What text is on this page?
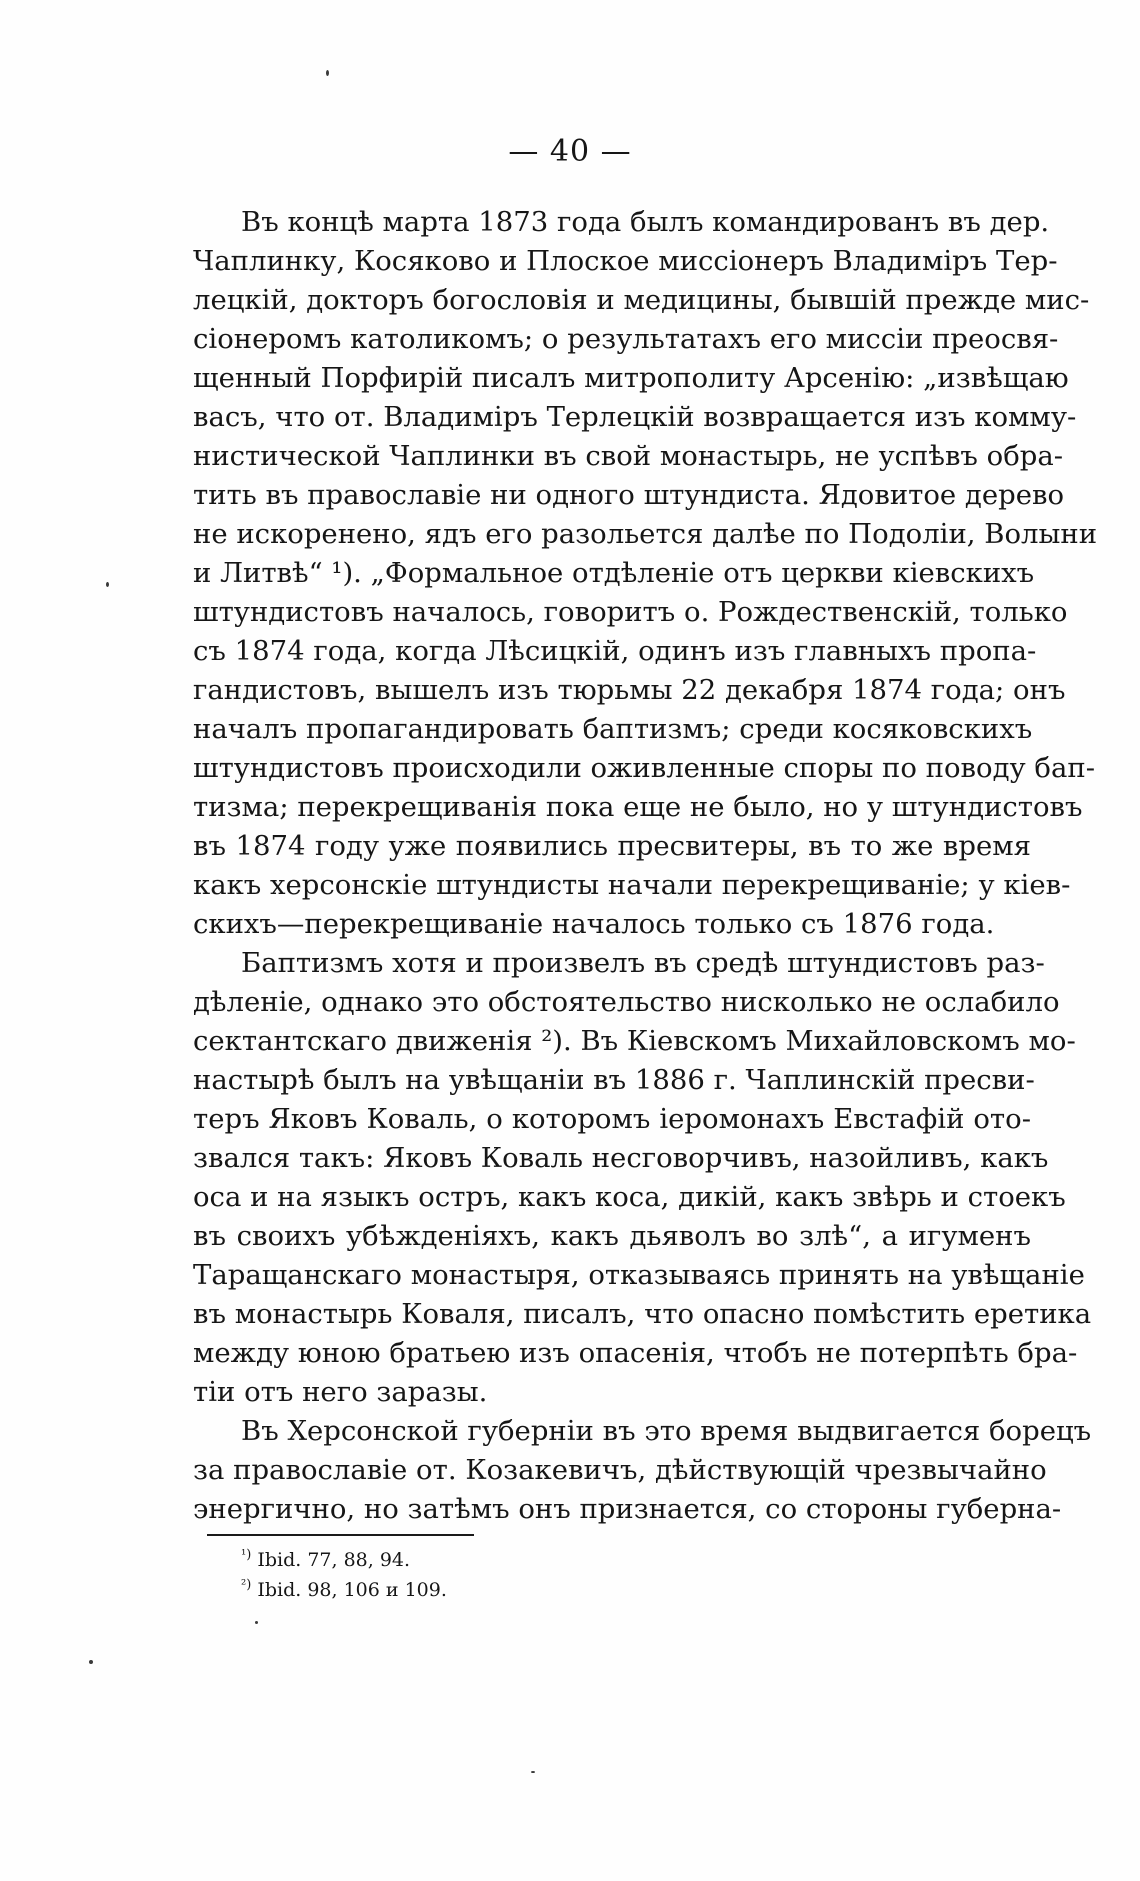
— 40 —
Въ концѣ марта 1873 года былъ командированъ въ дер.
Чаплинку, Косяково и Плоское миссіонеръ Владиміръ Тер-
лецкій, докторъ богословія и медицины, бывшій прежде мис-
сіонеромъ католикомъ; о результатахъ его миссіи преосвя-
щенный Порфирій писалъ митрополиту Арсенію: „извѣщаю
васъ, что от. Владиміръ Терлецкій возвращается изъ комму-
нистической Чаплинки въ свой монастырь, не успѣвъ обра-
тить въ православіе ни одного штундиста. Ядовитое дерево
не искоренено, ядъ его разольется далѣе по Подоліи, Волыни
и Литвѣ“ ¹). „Формальное отдѣленіе отъ церкви кіевскихъ
штундистовъ началось, говоритъ о. Рождественскій, только
съ 1874 года, когда Лѣсицкій, одинъ изъ главныхъ пропа-
гандистовъ, вышелъ изъ тюрьмы 22 декабря 1874 года; онъ
началъ пропагандировать баптизмъ; среди косяковскихъ
штундистовъ происходили оживленные споры по поводу бап-
тизма; перекрещиванія пока еще не было, но у штундистовъ
въ 1874 году уже появились пресвитеры, въ то же время
какъ херсонскіе штундисты начали перекрещиваніе; у кіев-
скихъ—перекрещиваніе началось только съ 1876 года.
Баптизмъ хотя и произвелъ въ средѣ штундистовъ раз-
дѣленіе, однако это обстоятельство нисколько не ослабило
сектантскаго движенія ²). Въ Кіевскомъ Михайловскомъ мо-
настырѣ былъ на увѣщаніи въ 1886 г. Чаплинскій пресви-
теръ Яковъ Коваль, о которомъ іеромонахъ Евстафій ото-
звался такъ: Яковъ Коваль несговорчивъ, назойливъ, какъ
оса и на языкъ остръ, какъ коса, дикій, какъ звѣрь и стоекъ
въ своихъ убѣжденіяхъ, какъ дьяволъ во злѣ“, а игуменъ
Таращанскаго монастыря, отказываясь принять на увѣщаніе
въ монастырь Коваля, писалъ, что опасно помѣстить еретика
между юною братьею изъ опасенія, чтобъ не потерпѣть бра-
тіи отъ него заразы.
Въ Херсонской губерніи въ это время выдвигается борецъ
за православіе от. Козакевичъ, дѣйствующій чрезвычайно
энергично, но затѣмъ онъ признается, со стороны губерна-
$^{^1)}$ Ibid. 77, 88, 94.
$^{^2)}$ Ibid. 98, 106 и 109.
